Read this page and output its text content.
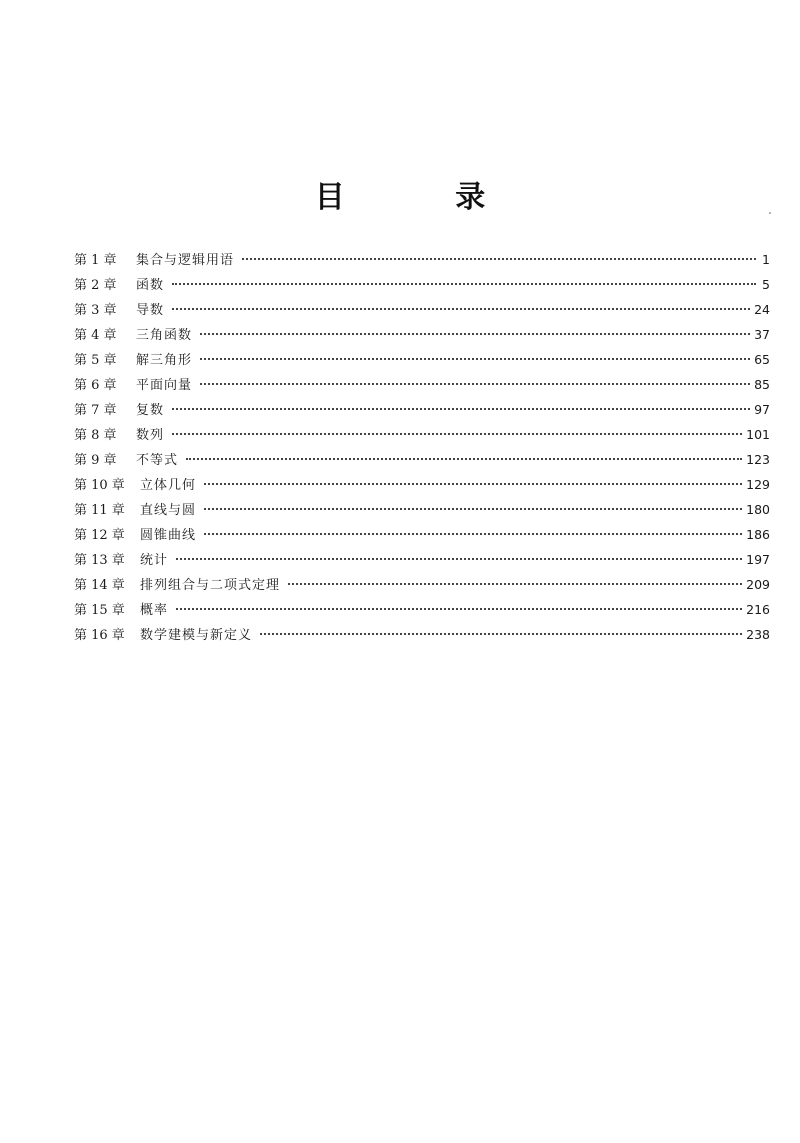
目 录
第 1 章	集合与逻辑用语	1
第 2 章	函数	5
第 3 章	导数	24
第 4 章	三角函数	37
第 5 章	解三角形	65
第 6 章	平面向量	85
第 7 章	复数	97
第 8 章	数列	101
第 9 章	不等式	123
第 10 章	立体几何	129
第 11 章	直线与圆	180
第 12 章	圆锥曲线	186
第 13 章	统计	197
第 14 章	排列组合与二项式定理	209
第 15 章	概率	216
第 16 章	数学建模与新定义	238
